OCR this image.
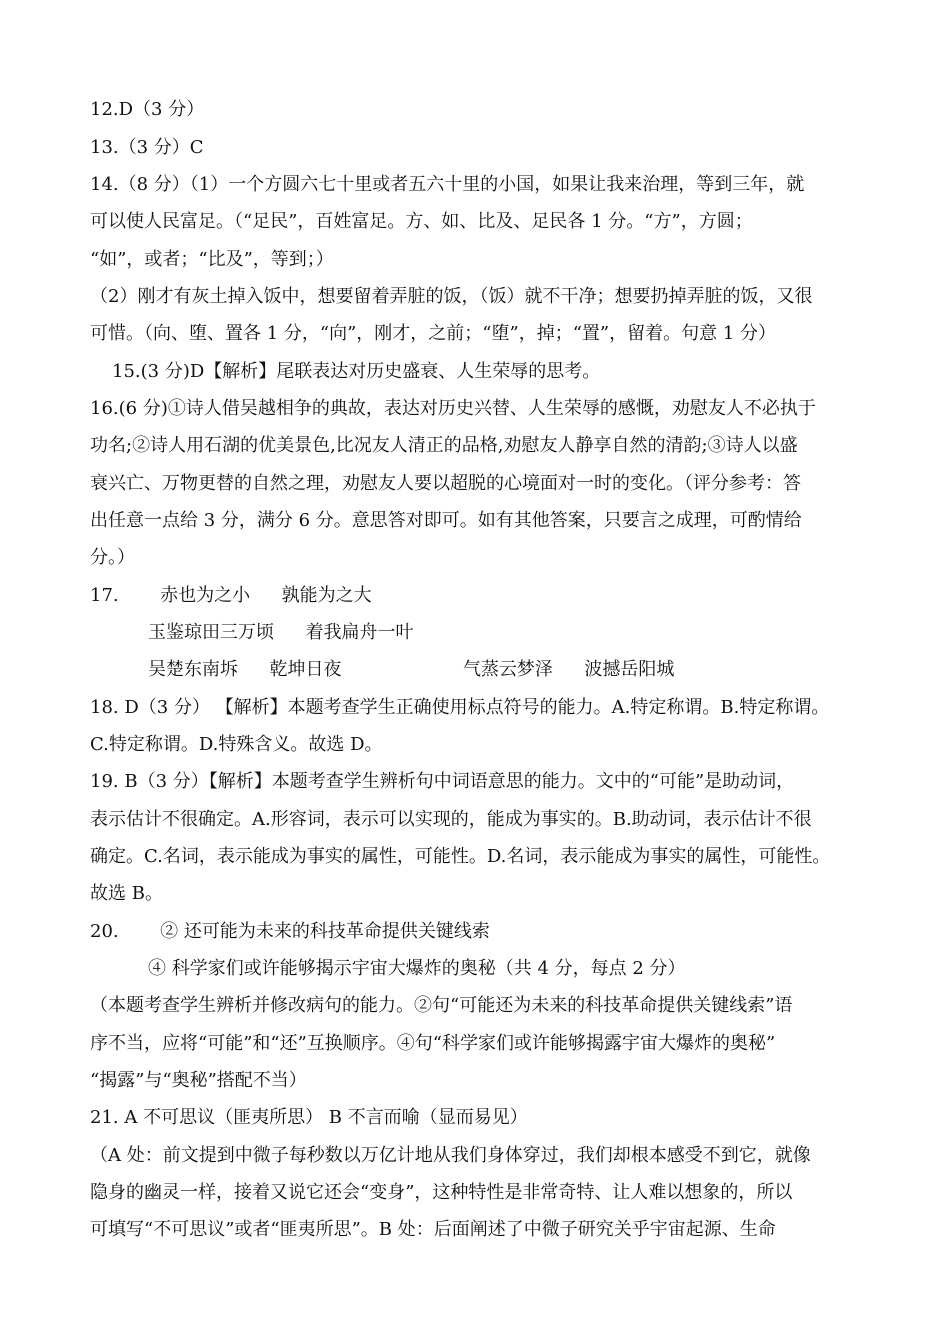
12.D（3 分）
13.（3 分）C
14.（8 分）（1）一个方圆六七十里或者五六十里的小国，如果让我来治理，等到三年，就
可以使人民富足。（“足民”，百姓富足。方、如、比及、足民各 1 分。“方”，方圆；
“如”，或者；“比及”，等到；）
（2）刚才有灰土掉入饭中，想要留着弄脏的饭，（饭）就不干净；想要扔掉弄脏的饭，又很
可惜。（向、堕、置各 1 分，“向”，刚才，之前；“堕”，掉；“置”，留着。句意 1 分）
15.(3 分)D【解析】尾联表达对历史盛衰、人生荣辱的思考。
16.(6 分)①诗人借吴越相争的典故，表达对历史兴替、人生荣辱的感慨，劝慰友人不必执于
功名;②诗人用石湖的优美景色,比况友人清正的品格,劝慰友人静享自然的清韵;③诗人以盛
衰兴亡、万物更替的自然之理，劝慰友人要以超脱的心境面对一时的变化。（评分参考：答
出任意一点给 3 分，满分 6 分。意思答对即可。如有其他答案，只要言之成理，可酌情给
分。）
17. 赤也为之小 孰能为之大
玉鉴琼田三万顷 着我扁舟一叶
吴楚东南坼 乾坤日夜	气蒸云梦泽 波撼岳阳城
18. D（3 分） 【解析】本题考查学生正确使用标点符号的能力。A.特定称谓。B.特定称谓。
C.特定称谓。D.特殊含义。故选 D。
19. B（3 分）【解析】本题考查学生辨析句中词语意思的能力。文中的“可能”是助动词，
表示估计不很确定。A.形容词，表示可以实现的，能成为事实的。B.助动词，表示估计不很
确定。C.名词，表示能成为事实的属性，可能性。D.名词，表示能成为事实的属性，可能性。
故选 B。
20. ② 还可能为未来的科技革命提供关键线索
④ 科学家们或许能够揭示宇宙大爆炸的奥秘（共 4 分，每点 2 分）
（本题考查学生辨析并修改病句的能力。②句“可能还为未来的科技革命提供关键线索”语
序不当，应将“可能”和“还”互换顺序。④句“科学家们或许能够揭露宇宙大爆炸的奥秘”
“揭露”与“奥秘”搭配不当）
21. A 不可思议（匪夷所思） B 不言而喻（显而易见）
（A 处：前文提到中微子每秒数以万亿计地从我们身体穿过，我们却根本感受不到它，就像
隐身的幽灵一样，接着又说它还会“变身”，这种特性是非常奇特、让人难以想象的，所以
可填写“不可思议”或者“匪夷所思”。B 处：后面阐述了中微子研究关乎宇宙起源、生命
